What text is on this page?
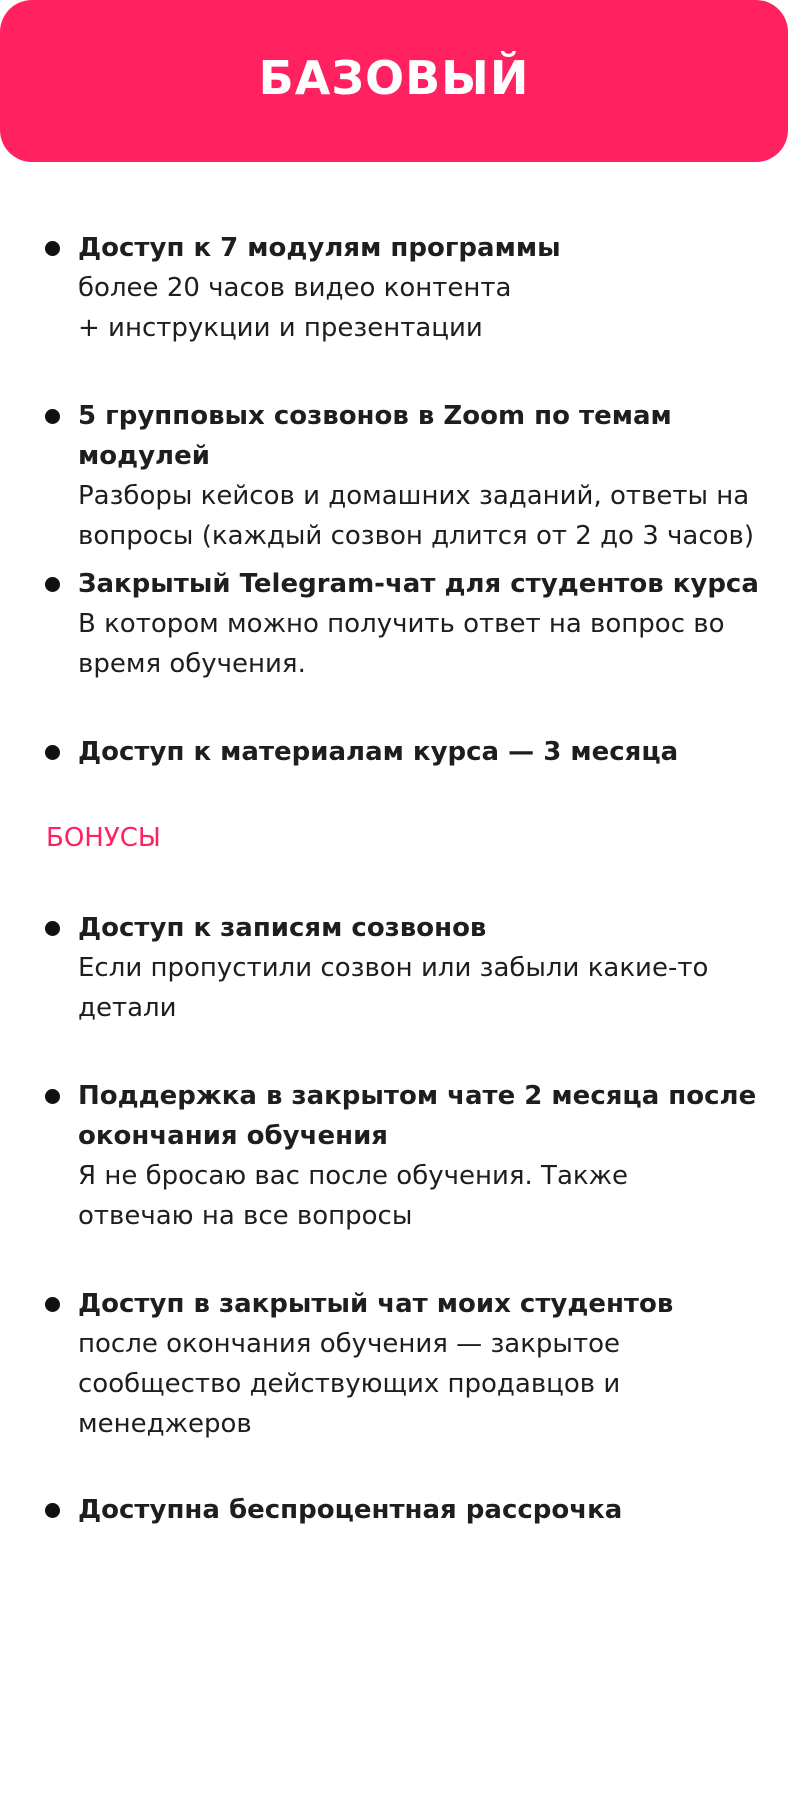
БАЗОВЫЙ
Доступ к 7 модулям программы
более 20 часов видео контента
+ инструкции и презентации
5 групповых созвонов в Zoom по темам модулей
Разборы кейсов и домашних заданий, ответы на
вопросы (каждый созвон длится от 2 до 3 часов)
Закрытый Telegram-чат для студентов курса
В котором можно получить ответ на вопрос во
время обучения.
Доступ к материалам курса — 3 месяца
БОНУСЫ
Доступ к записям созвонов
Если пропустили созвон или забыли какие-то
детали
Поддержка в закрытом чате 2 месяца после
окончания обучения
Я не бросаю вас после обучения. Также
отвечаю на все вопросы
Доступ в закрытый чат моих студентов
после окончания обучения — закрытое
сообщество действующих продавцов и
менеджеров
Доступна беспроцентная рассрочка
